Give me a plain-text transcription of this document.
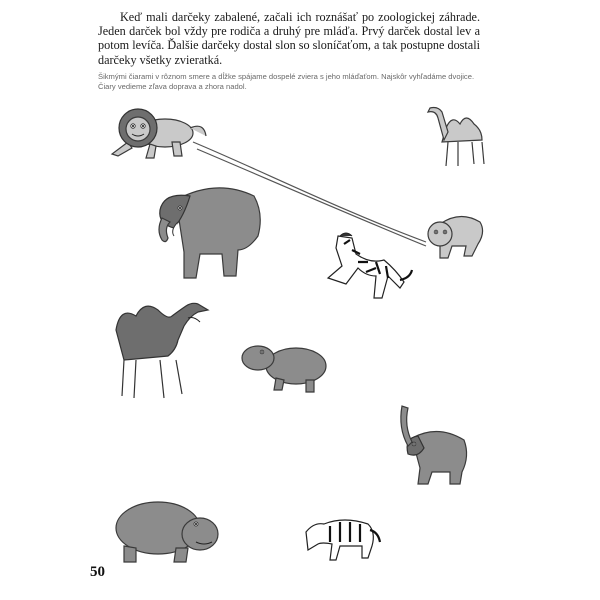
Keď mali darčeky zabalené, začali ich roznášať po zoologickej záhrade. Jeden darček bol vždy pre rodiča a druhý pre mláďa. Prvý darček dostal lev a potom levíča. Ďalšie darčeky dostal slon so sloníčaťom, a tak postupne dostali darčeky všetky zvieratká.

Šikmými čiarami v rôznom smere a dĺžke spájame dospelé zviera s jeho mláďaťom. Najskôr vyhľadáme dvojice. Čiary vedieme zľava doprava a zhora nadol.

50
